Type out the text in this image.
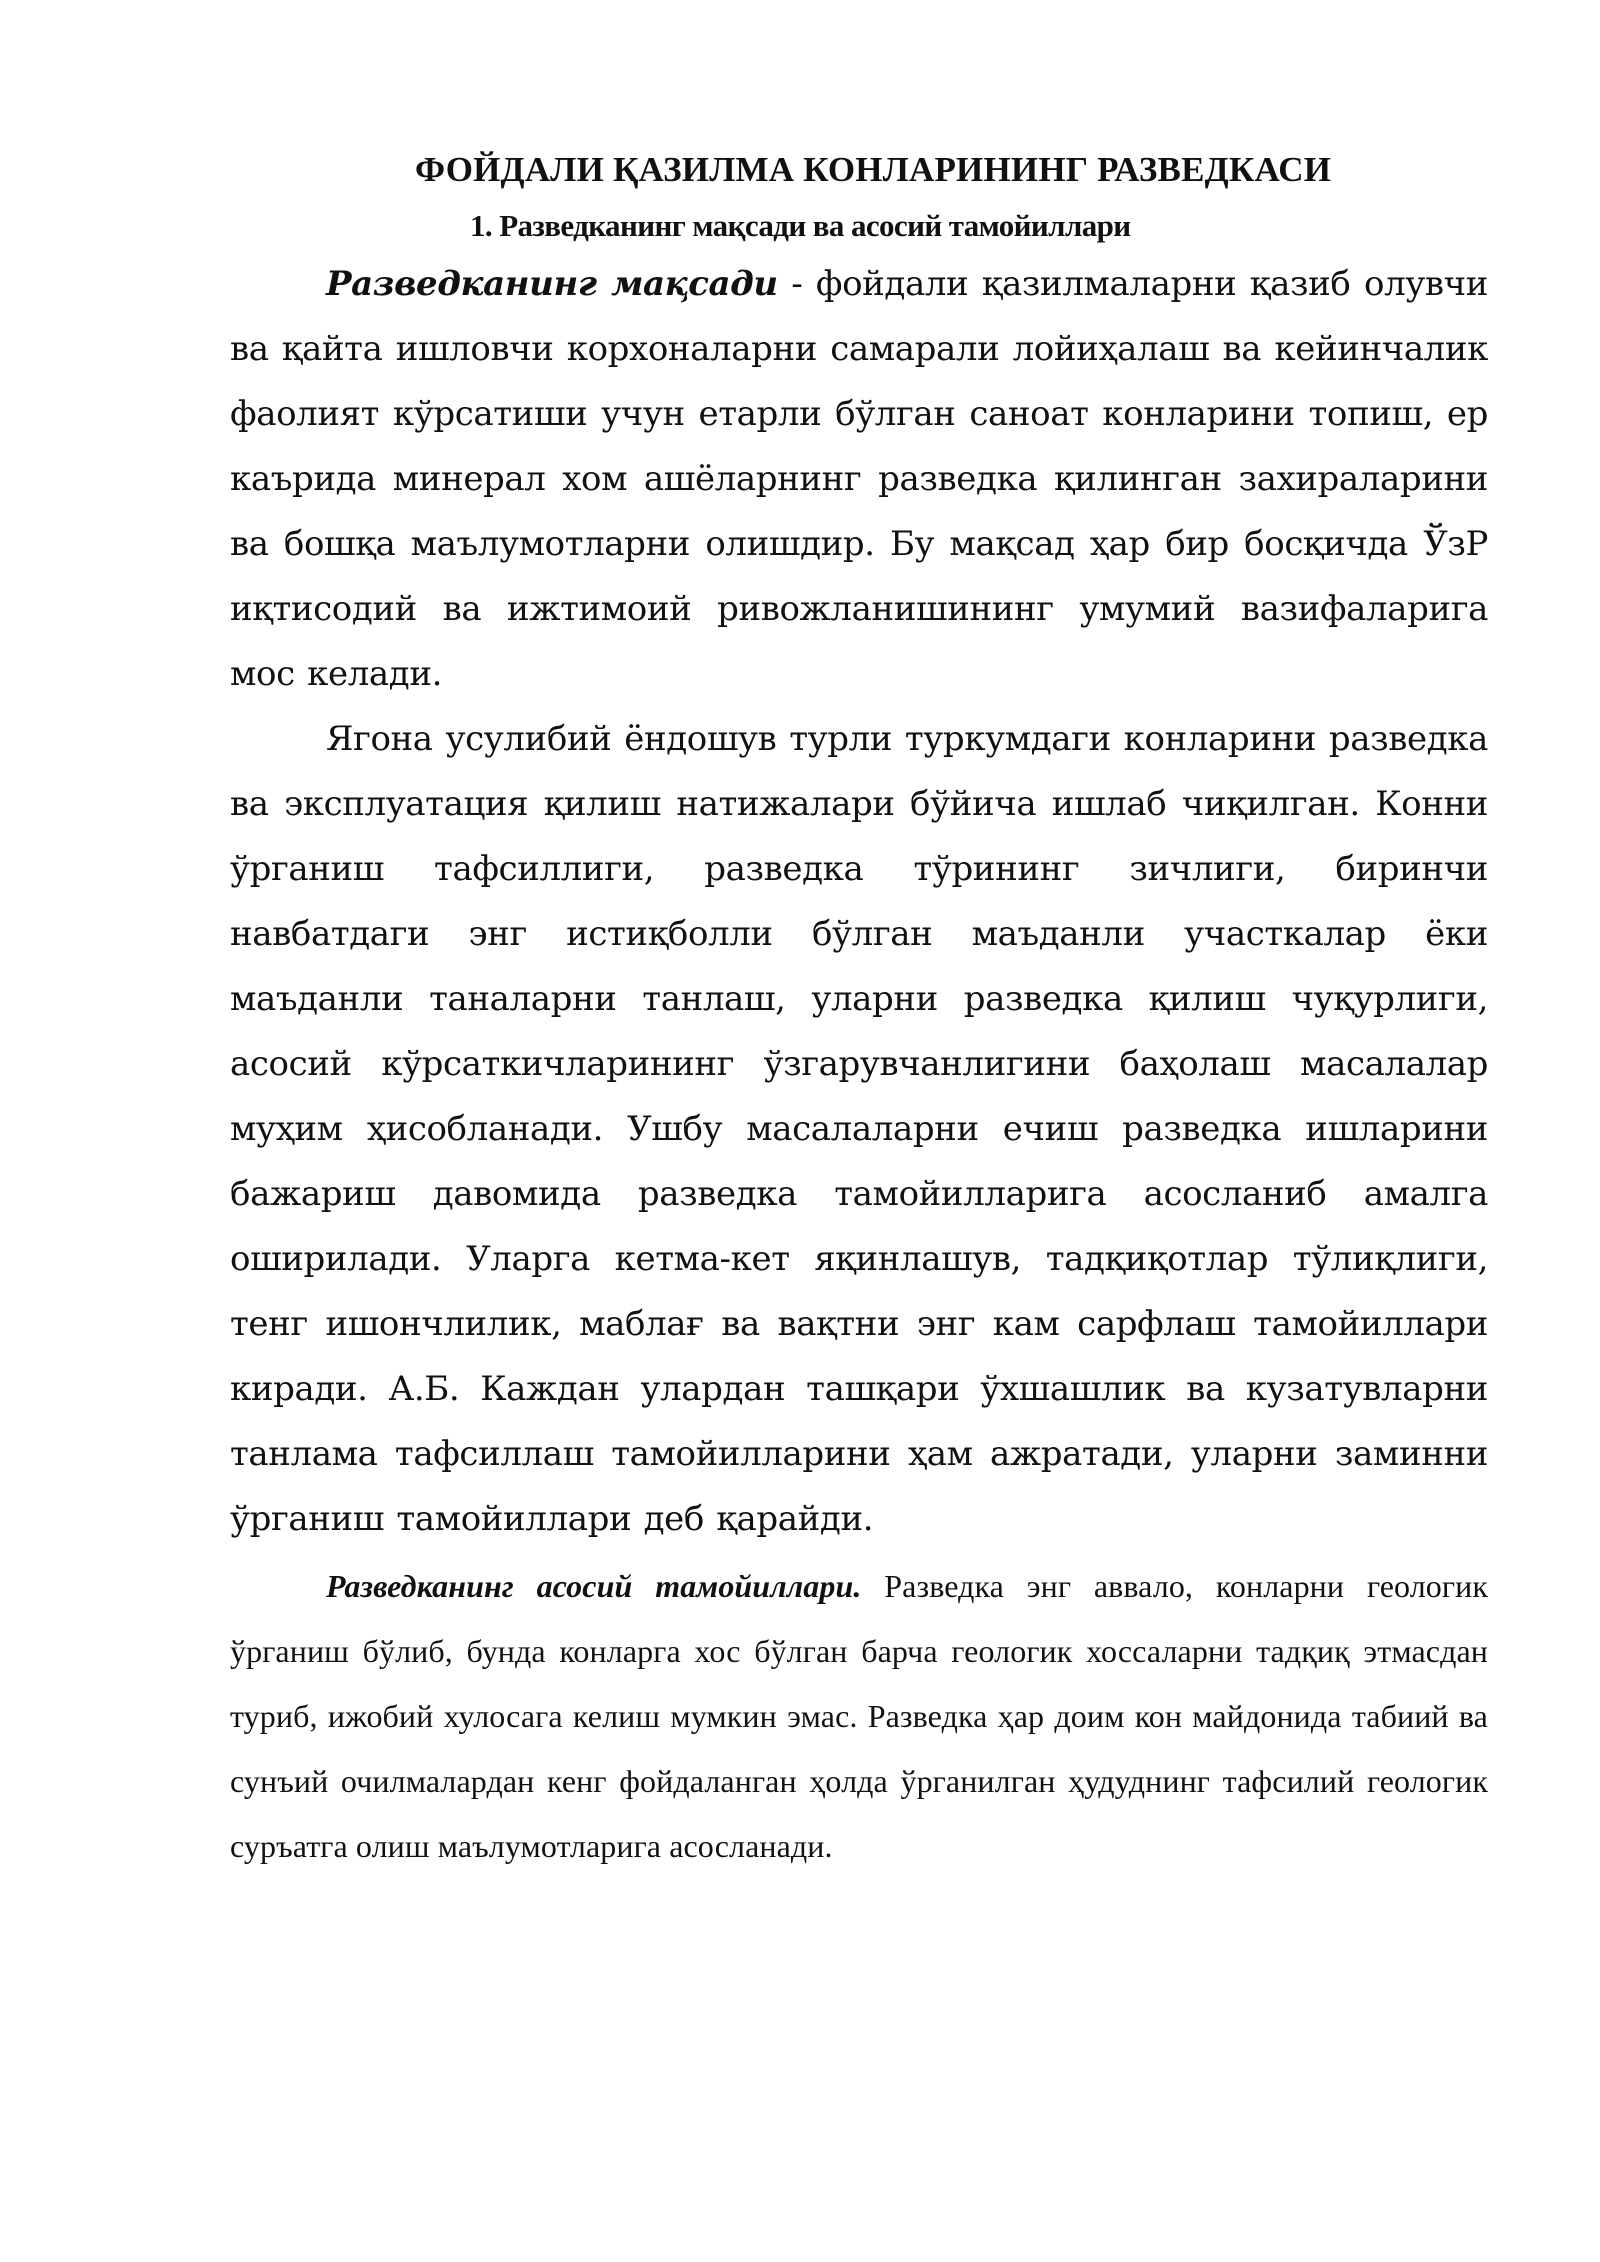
ФОЙДАЛИ ҚАЗИЛМА КОНЛАРИНИНГ РАЗВЕДКАСИ
1. Разведканинг мақсади ва асосий тамойиллари

Разведканинг мақсади - фойдали қазилмаларни қазиб олувчи ва қайта ишловчи корхоналарни самарали лойиҳалаш ва кейинчалик фаолият кўрсатиши учун етарли бўлган саноат конларини топиш, ер каърида минерал хом ашёларнинг разведка қилинган захираларини ва бошқа маълумотларни олишдир. Бу мақсад ҳар бир босқичда ЎзР иқтисодий ва ижтимоий ривожланишининг умумий вазифаларига мос келади.

Ягона усулибий ёндошув турли туркумдаги конларини разведка ва эксплуатация қилиш натижалари бўйича ишлаб чиқилган. Конни ўрганиш тафсиллиги, разведка тўрининг зичлиги, биринчи навбатдаги энг истиқболли бўлган маъданли участкалар ёки маъданли таналарни танлаш, уларни разведка қилиш чуқурлиги, асосий кўрсаткичларининг ўзгарувчанлигини баҳолаш масалалар муҳим ҳисобланади. Ушбу масалаларни ечиш разведка ишларини бажариш давомида разведка тамойилларига асосланиб амалга оширилади. Уларга кетма-кет яқинлашув, тадқиқотлар тўлиқлиги, тенг ишончлилик, маблағ ва вақтни энг кам сарфлаш тамойиллари киради. А.Б. Каждан улардан ташқари ўхшашлик ва кузатувларни танлама тафсиллаш тамойилларини ҳам ажратади, уларни заминни ўрганиш тамойиллари деб қарайди.

Разведканинг асосий тамойиллари. Разведка энг аввало, конларни геологик ўрганиш бўлиб, бунда конларга хос бўлган барча геологик хоссаларни тадқиқ этмасдан туриб, ижобий хулосага келиш мумкин эмас. Разведка ҳар доим кон майдонида табиий ва сунъий очилмалардан кенг фойдаланган ҳолда ўрганилган ҳудуднинг тафсилий геологик суръатга олиш маълумотларига асосланади.
